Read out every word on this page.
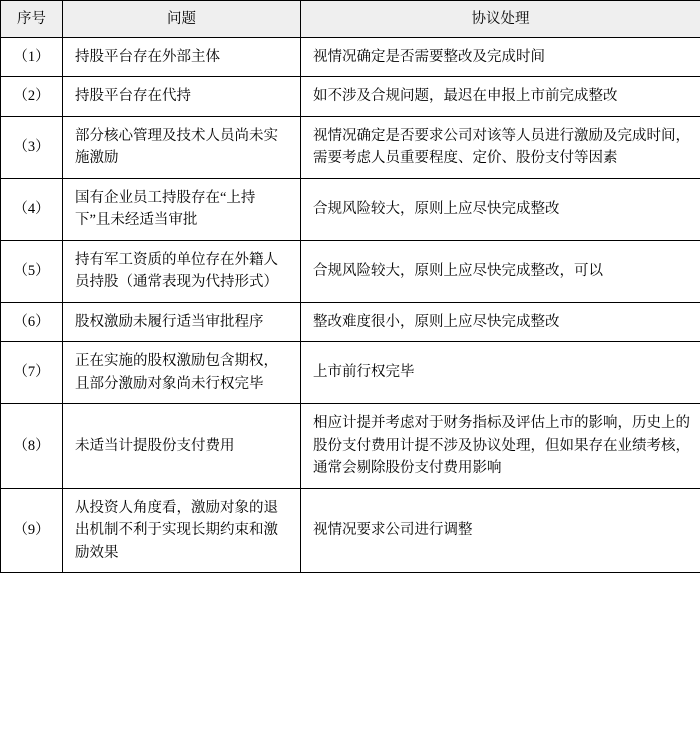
序号	问题	协议处理
（1）	持股平台存在外部主体	视情况确定是否需要整改及完成时间
（2）	持股平台存在代持	如不涉及合规问题，最迟在申报上市前完成整改
（3）	部分核心管理及技术人员尚未实施激励	视情况确定是否要求公司对该等人员进行激励及完成时间，需要考虑人员重要程度、定价、股份支付等因素
（4）	国有企业员工持股存在“上持下”且未经适当审批	合规风险较大，原则上应尽快完成整改
（5）	持有军工资质的单位存在外籍人员持股（通常表现为代持形式）	合规风险较大，原则上应尽快完成整改，可以
（6）	股权激励未履行适当审批程序	整改难度很小，原则上应尽快完成整改
（7）	正在实施的股权激励包含期权，且部分激励对象尚未行权完毕	上市前行权完毕
（8）	未适当计提股份支付费用	相应计提并考虑对于财务指标及评估上市的影响，历史上的股份支付费用计提不涉及协议处理，但如果存在业绩考核，通常会剔除股份支付费用影响
（9）	从投资人角度看，激励对象的退出机制不利于实现长期约束和激励效果	视情况要求公司进行调整
